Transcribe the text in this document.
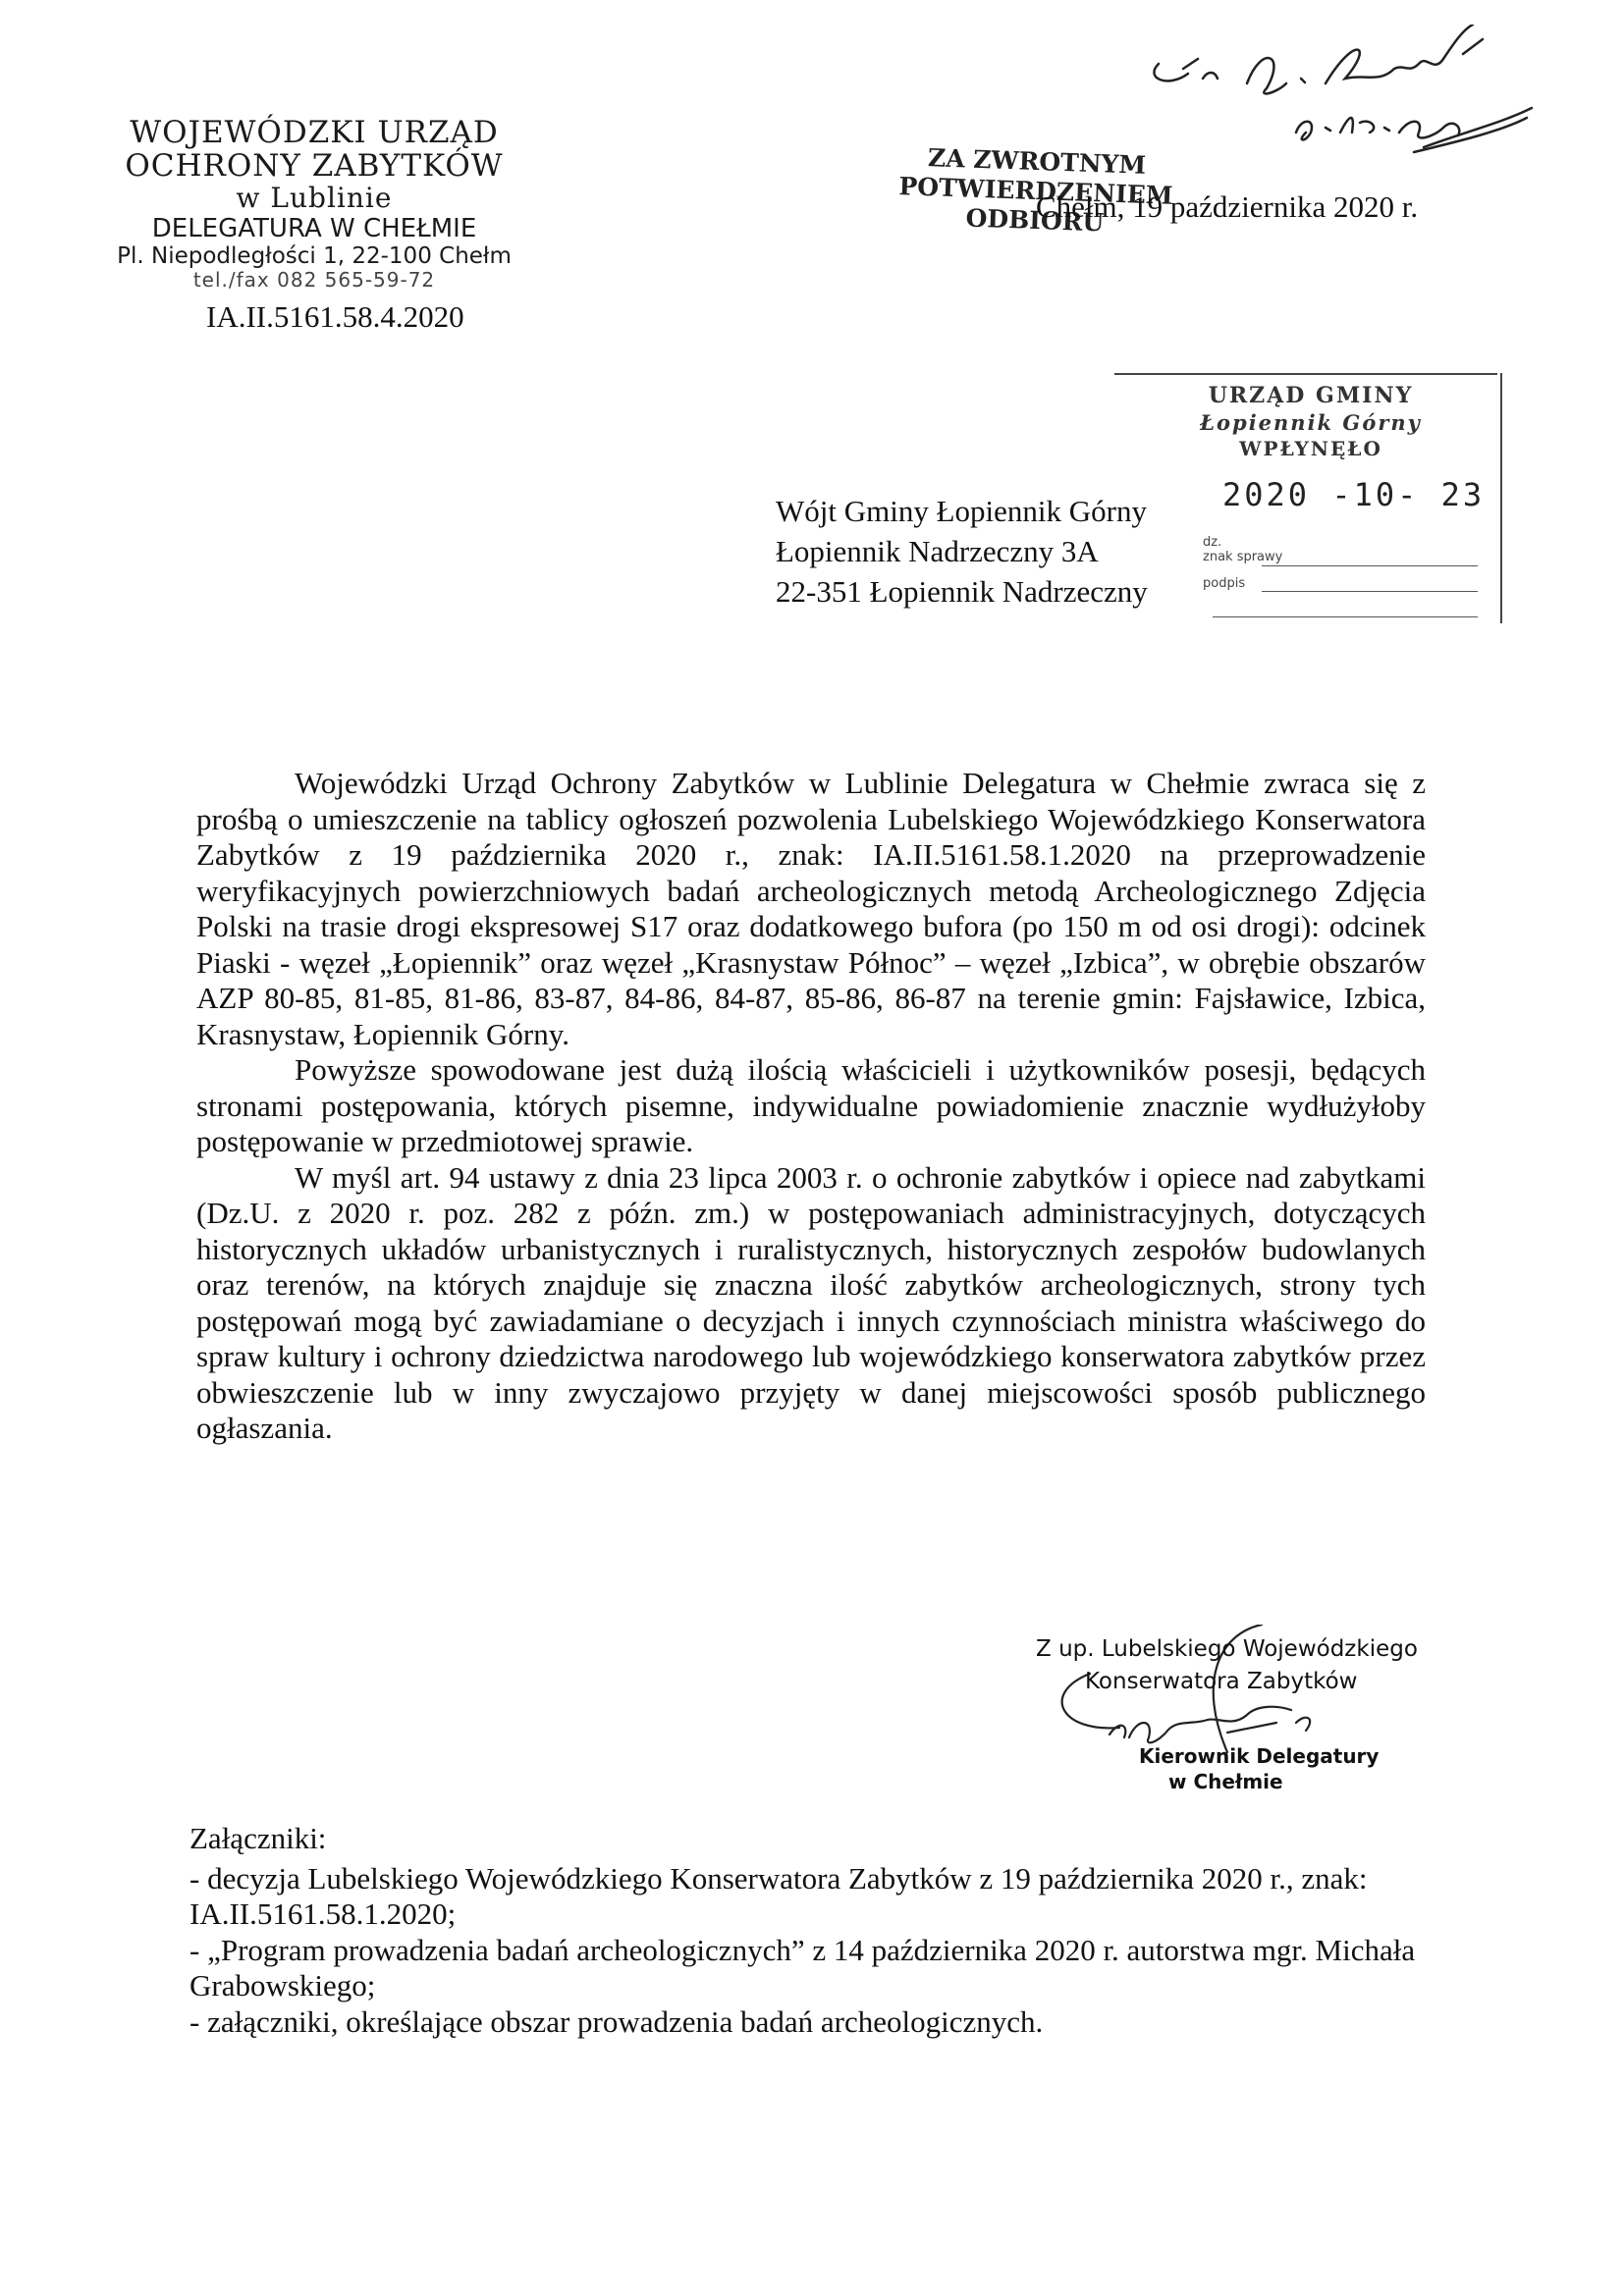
WOJEWÓDZKI URZĄD
OCHRONY ZABYTKÓW
w Lublinie
DELEGATURA W CHEŁMIE
Pl. Niepodległości 1, 22-100 Chełm
tel./fax 082 565-59-72
IA.II.5161.58.4.2020
ZA ZWROTNYM
POTWIERDZENIEM
ODBIORU
Chełm, 19 października 2020 r.
URZĄD GMINY
Łopiennik Górny
WPŁYNĘŁO
2020 -10- 23
dz.
znak sprawy
podpis
Wójt Gminy Łopiennik Górny
Łopiennik Nadrzeczny 3A
22-351 Łopiennik Nadrzeczny

Wojewódzki Urząd Ochrony Zabytków w Lublinie Delegatura w Chełmie zwraca się z prośbą o umieszczenie na tablicy ogłoszeń pozwolenia Lubelskiego Wojewódzkiego Konserwatora Zabytków z 19 października 2020 r., znak: IA.II.5161.58.1.2020 na przeprowadzenie weryfikacyjnych powierzchniowych badań archeologicznych metodą Archeologicznego Zdjęcia Polski na trasie drogi ekspresowej S17 oraz dodatkowego bufora (po 150 m od osi drogi): odcinek Piaski - węzeł „Łopiennik” oraz węzeł „Krasnystaw Północ” – węzeł „Izbica”, w obrębie obszarów AZP 80-85, 81-85, 81-86, 83-87, 84-86, 84-87, 85-86, 86-87 na terenie gmin: Fajsławice, Izbica, Krasnystaw, Łopiennik Górny.

Powyższe spowodowane jest dużą ilością właścicieli i użytkowników posesji, będących stronami postępowania, których pisemne, indywidualne powiadomienie znacznie wydłużyłoby postępowanie w przedmiotowej sprawie.

W myśl art. 94 ustawy z dnia 23 lipca 2003 r. o ochronie zabytków i opiece nad zabytkami (Dz.U. z 2020 r. poz. 282 z późn. zm.) w postępowaniach administracyjnych, dotyczących historycznych układów urbanistycznych i ruralistycznych, historycznych zespołów budowlanych oraz terenów, na których znajduje się znaczna ilość zabytków archeologicznych, strony tych postępowań mogą być zawiadamiane o decyzjach i innych czynnościach ministra właściwego do spraw kultury i ochrony dziedzictwa narodowego lub wojewódzkiego konserwatora zabytków przez obwieszczenie lub w inny zwyczajowo przyjęty w danej miejscowości sposób publicznego ogłaszania.

Z up. Lubelskiego Wojewódzkiego
Konserwatora Zabytków
Kierownik Delegatury
w Chełmie

Załączniki:

- decyzja Lubelskiego Wojewódzkiego Konserwatora Zabytków z 19 października 2020 r., znak: IA.II.5161.58.1.2020;

- „Program prowadzenia badań archeologicznych” z 14 października 2020 r. autorstwa mgr. Michała Grabowskiego;

- załączniki, określające obszar prowadzenia badań archeologicznych.
